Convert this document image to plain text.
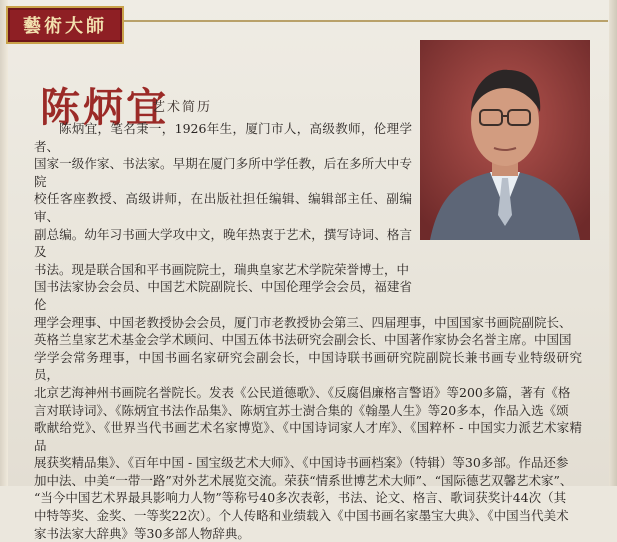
藝術大師
陈炳宜
艺术简历
陈炳宜，笔名秉一，1926年生，厦门市人，高级教师，伦理学者、
国家一级作家、书法家。早期在厦门多所中学任教，后在多所大中专院
校任客座教授、高级讲师，在出版社担任编辑、编辑部主任、副编审、
副总编。幼年习书画大学攻中文，晚年热衷于艺术，撰写诗词、格言及
书法。现是联合国和平书画院院士，瑞典皇家艺术学院荣誉博士，中
国书法家协会会员、中国艺术院副院长、中国伦理学会会员，福建省伦
理学会理事、中国老教授协会会员，厦门市老教授协会第三、四届理事，中国国家书画院副院长、
英格兰皇家艺术基金会学术顾问、中国五体书法研究会副会长、中国著作家协会名誉主席。中国国
学学会常务理事，中国书画名家研究会副会长，中国诗联书画研究院副院长兼书画专业特级研究员，
北京艺海神州书画院名誉院长。发表《公民道德歌》、《反腐倡廉格言警语》等200多篇，著有《格
言对联诗词》、《陈炳宜书法作品集》、陈炳宜苏士澍合集的《翰墨人生》等20多本，作品入选《颂
歌献给党》、《世界当代书画艺术名家博览》、《中国诗词家人才库》、《国粹杯 - 中国实力派艺术家精品
展获奖精品集》、《百年中国 - 国宝级艺术大师》、《中国诗书画档案》（特辑）等30多部。作品还参
加中法、中美“一带一路”对外艺术展览交流。荣获“情系世博艺术大师”、“国际德艺双馨艺术家”、
“当今中国艺术界最具影响力人物”等称号40多次表彰，书法、论文、格言、歌词获奖计44次（其
中特等奖、金奖、一等奖22次）。个人传略和业绩载入《中国书画名家墨宝大典》、《中国当代美术
家书法家大辞典》等30多部人物辞典。
